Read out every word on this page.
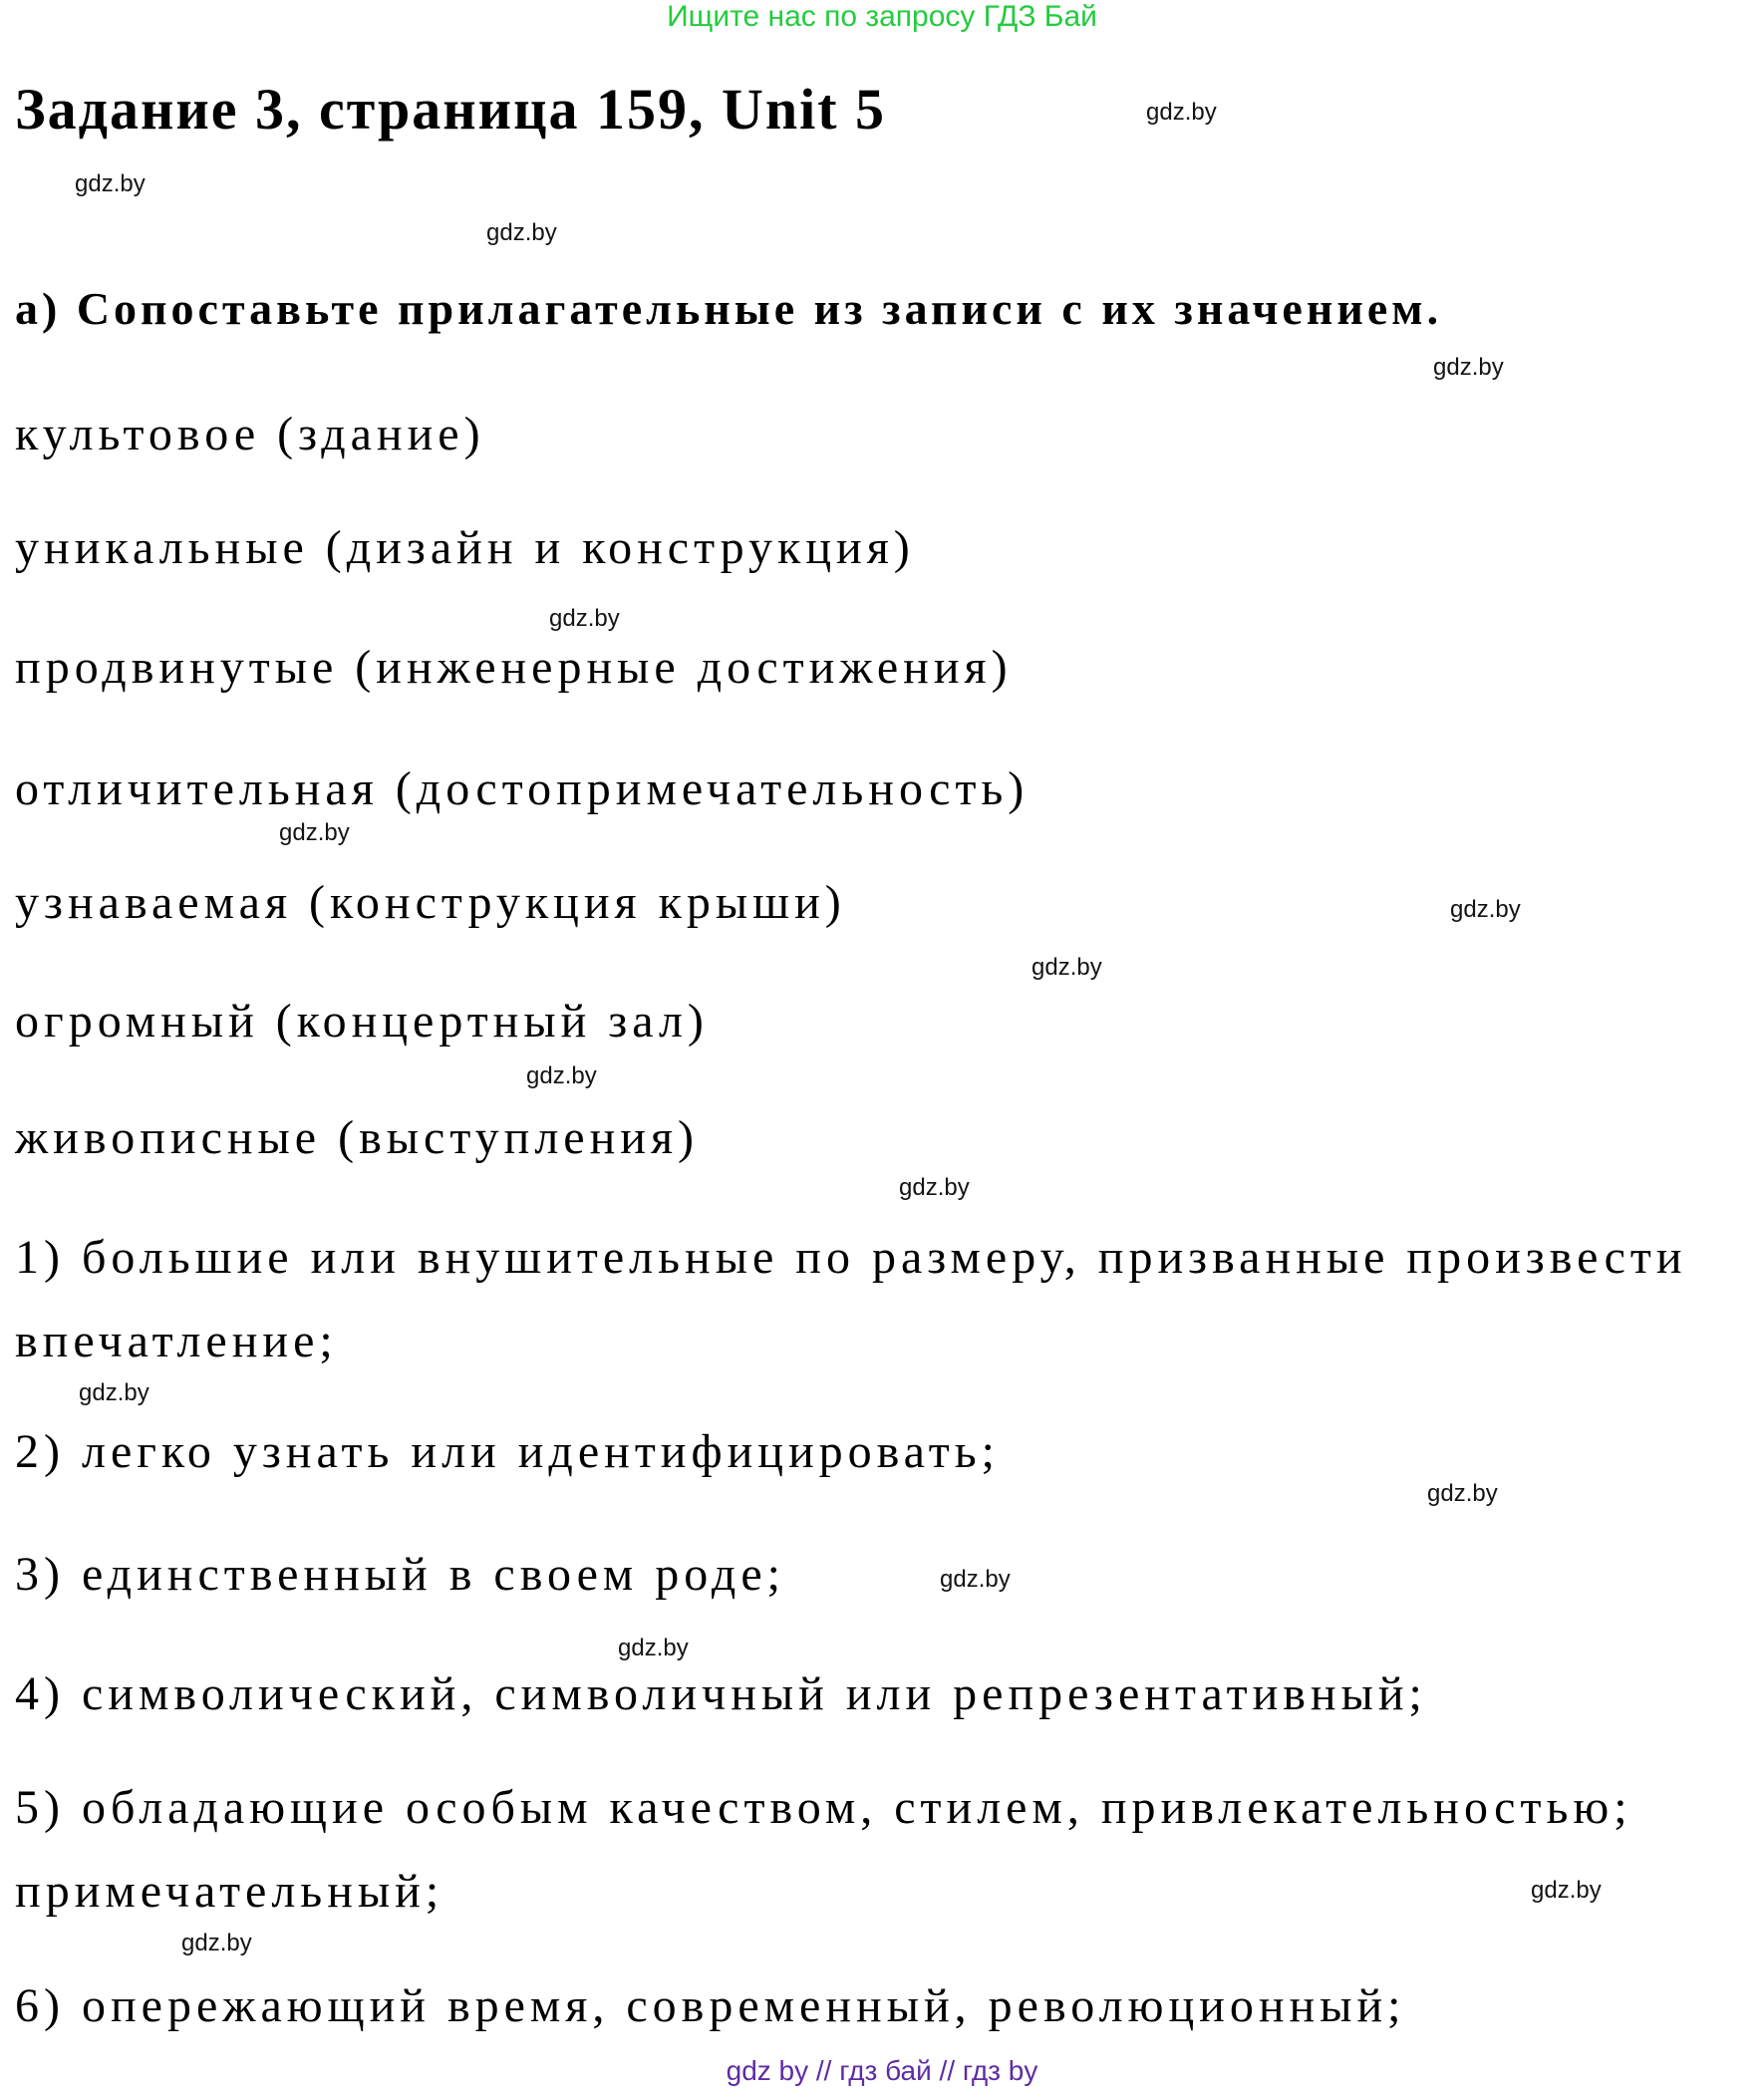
Ищите нас по запросу ГДЗ Бай
Задание 3, страница 159, Unit 5	gdz.by
gdz.by
gdz.by
а) Сопоставьте прилагательные из записи с их значением.
gdz.by
культовое (здание)
уникальные (дизайн и конструкция)
gdz.by
продвинутые (инженерные достижения)
отличительная (достопримечательность)
gdz.by
узнаваемая (конструкция крыши)	gdz.by
gdz.by
огромный (концертный зал)
gdz.by
живописные (выступления)
gdz.by
1) большие или внушительные по размеру, призванные произвести
впечатление;
gdz.by
2) легко узнать или идентифицировать;
gdz.by
3) единственный в своем роде;	gdz.by
gdz.by
4) символический, символичный или репрезентативный;
5) обладающие особым качеством, стилем, привлекательностью;
примечательный;	gdz.by
gdz.by
6) опережающий время, современный, революционный;
gdz by // гдз бай // гдз by
